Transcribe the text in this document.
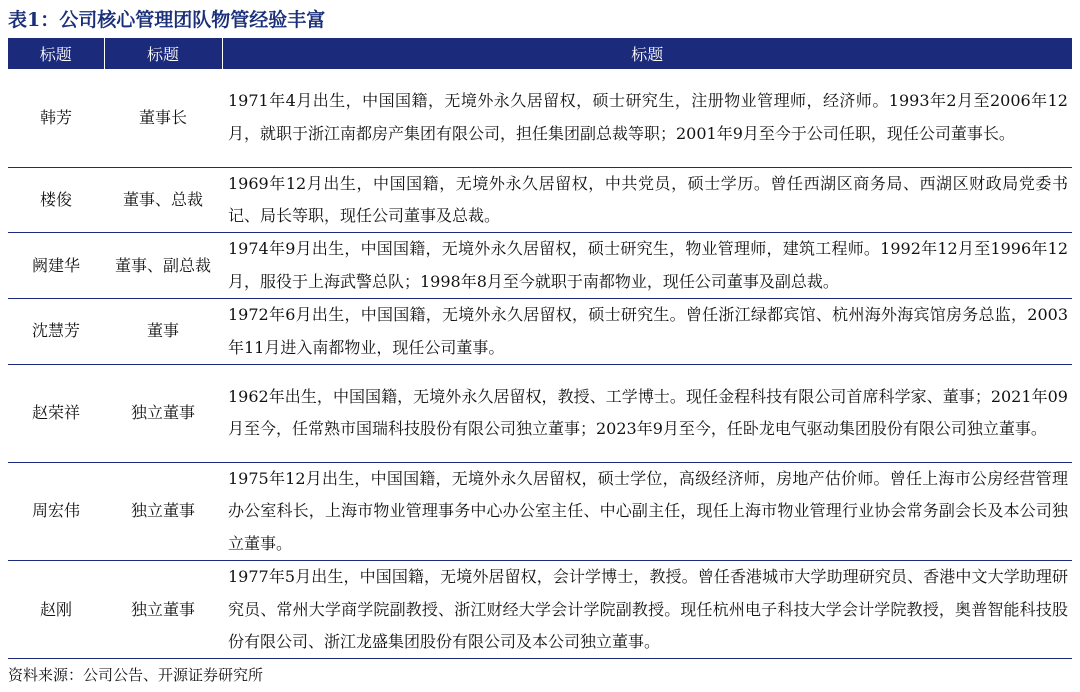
表1：公司核心管理团队物管经验丰富
标题	标题	标题
韩芳	董事长	1971年4月出生，中国国籍，无境外永久居留权，硕士研究生，注册物业管理师，经济师。1993年2月至2006年12月，就职于浙江南都房产集团有限公司，担任集团副总裁等职；2001年9月至今于公司任职，现任公司董事长。
楼俊	董事、总裁	1969年12月出生，中国国籍，无境外永久居留权，中共党员，硕士学历。曾任西湖区商务局、西湖区财政局党委书记、局长等职，现任公司董事及总裁。
阙建华	董事、副总裁	1974年9月出生，中国国籍，无境外永久居留权，硕士研究生，物业管理师，建筑工程师。1992年12月至1996年12月，服役于上海武警总队；1998年8月至今就职于南都物业，现任公司董事及副总裁。
沈慧芳	董事	1972年6月出生，中国国籍，无境外永久居留权，硕士研究生。曾任浙江绿都宾馆、杭州海外海宾馆房务总监，2003年11月进入南都物业，现任公司董事。
赵荣祥	独立董事	1962年出生，中国国籍，无境外永久居留权，教授、工学博士。现任金程科技有限公司首席科学家、董事；2021年09月至今，任常熟市国瑞科技股份有限公司独立董事；2023年9月至今，任卧龙电气驱动集团股份有限公司独立董事。
周宏伟	独立董事	1975年12月出生，中国国籍，无境外永久居留权，硕士学位，高级经济师，房地产估价师。曾任上海市公房经营管理办公室科长，上海市物业管理事务中心办公室主任、中心副主任，现任上海市物业管理行业协会常务副会长及本公司独立董事。
赵刚	独立董事	1977年5月出生，中国国籍，无境外居留权，会计学博士，教授。曾任香港城市大学助理研究员、香港中文大学助理研究员、常州大学商学院副教授、浙江财经大学会计学院副教授。现任杭州电子科技大学会计学院教授，奥普智能科技股份有限公司、浙江龙盛集团股份有限公司及本公司独立董事。
资料来源：公司公告、开源证券研究所
